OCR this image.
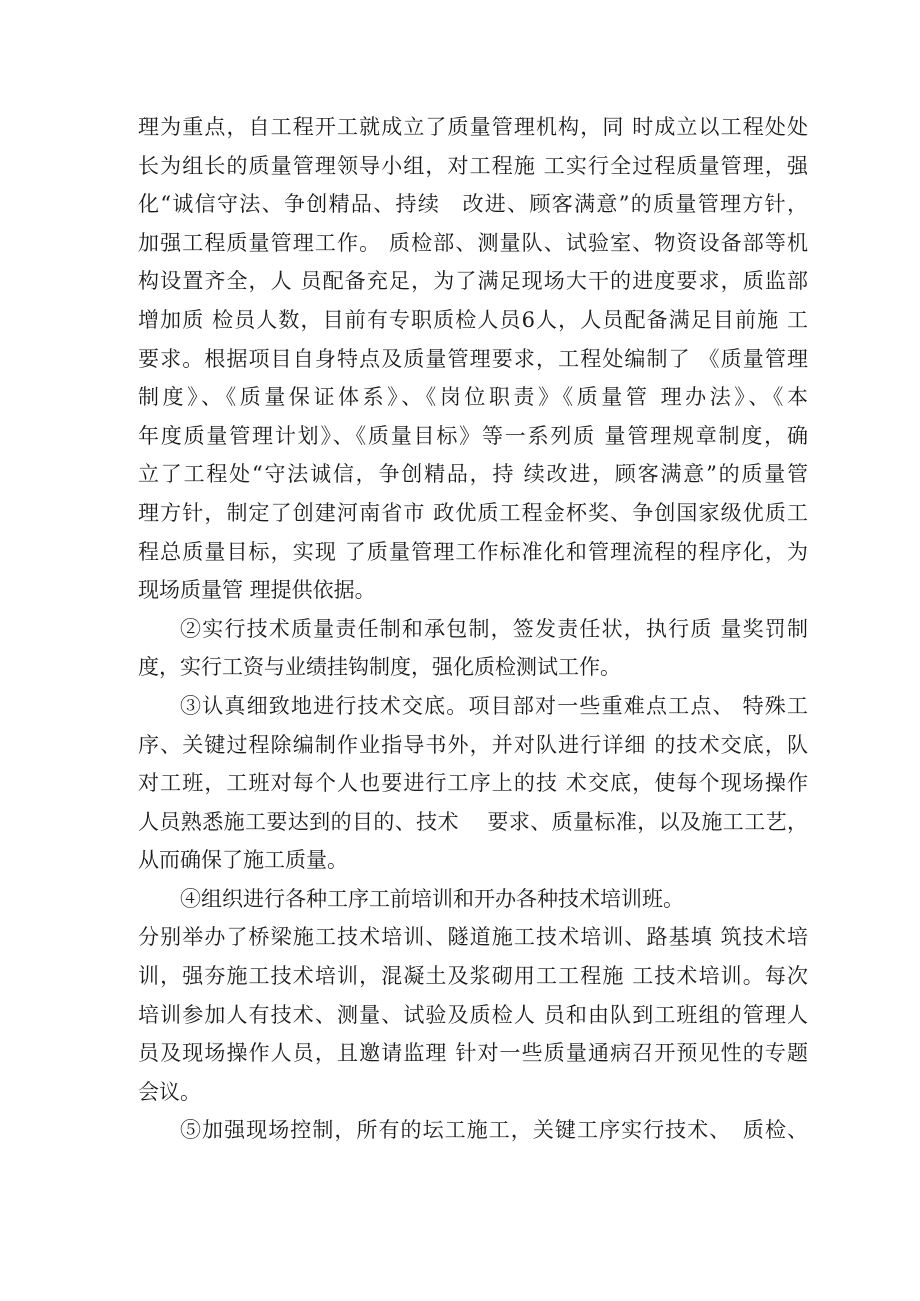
理为重点，自工程开工就成立了质量管理机构，同 时成立以工程处处
长为组长的质量管理领导小组，对工程施 工实行全过程质量管理，强
化“诚信守法、争创精品、持续　改进、顾客满意”的质量管理方针，
加强工程质量管理工作。 质检部、测量队、试验室、物资设备部等机
构设置齐全，人 员配备充足，为了满足现场大干的进度要求，质监部
增加质 检员人数，目前有专职质检人员6人，人员配备满足目前施 工
要求。根据项目自身特点及质量管理要求，工程处编制了 《质量管理
制度》、《质量保证体系》、《岗位职责》《质量管 理办法》、《本
年度质量管理计划》、《质量目标》等一系列质 量管理规章制度，确
立了工程处“守法诚信，争创精品，持 续改进，顾客满意”的质量管
理方针，制定了创建河南省市 政优质工程金杯奖、争创国家级优质工
程总质量目标，实现 了质量管理工作标准化和管理流程的程序化，为
现场质量管 理提供依据。
②实行技术质量责任制和承包制，签发责任状，执行质 量奖罚制
度，实行工资与业绩挂钩制度，强化质检测试工作。
③认真细致地进行技术交底。项目部对一些重难点工点、 特殊工
序、关键过程除编制作业指导书外，并对队进行详细 的技术交底，队
对工班，工班对每个人也要进行工序上的技 术交底，使每个现场操作
人员熟悉施工要达到的目的、技术　 要求、质量标准，以及施工工艺，
从而确保了施工质量。
④组织进行各种工序工前培训和开办各种技术培训班。
分别举办了桥梁施工技术培训、隧道施工技术培训、路基填 筑技术培
训，强夯施工技术培训，混凝土及浆砌用工工程施 工技术培训。每次
培训参加人有技术、测量、试验及质检人 员和由队到工班组的管理人
员及现场操作人员，且邀请监理 针对一些质量通病召开预见性的专题
会议。
⑤加强现场控制，所有的坛工施工，关键工序实行技术、　质检、
